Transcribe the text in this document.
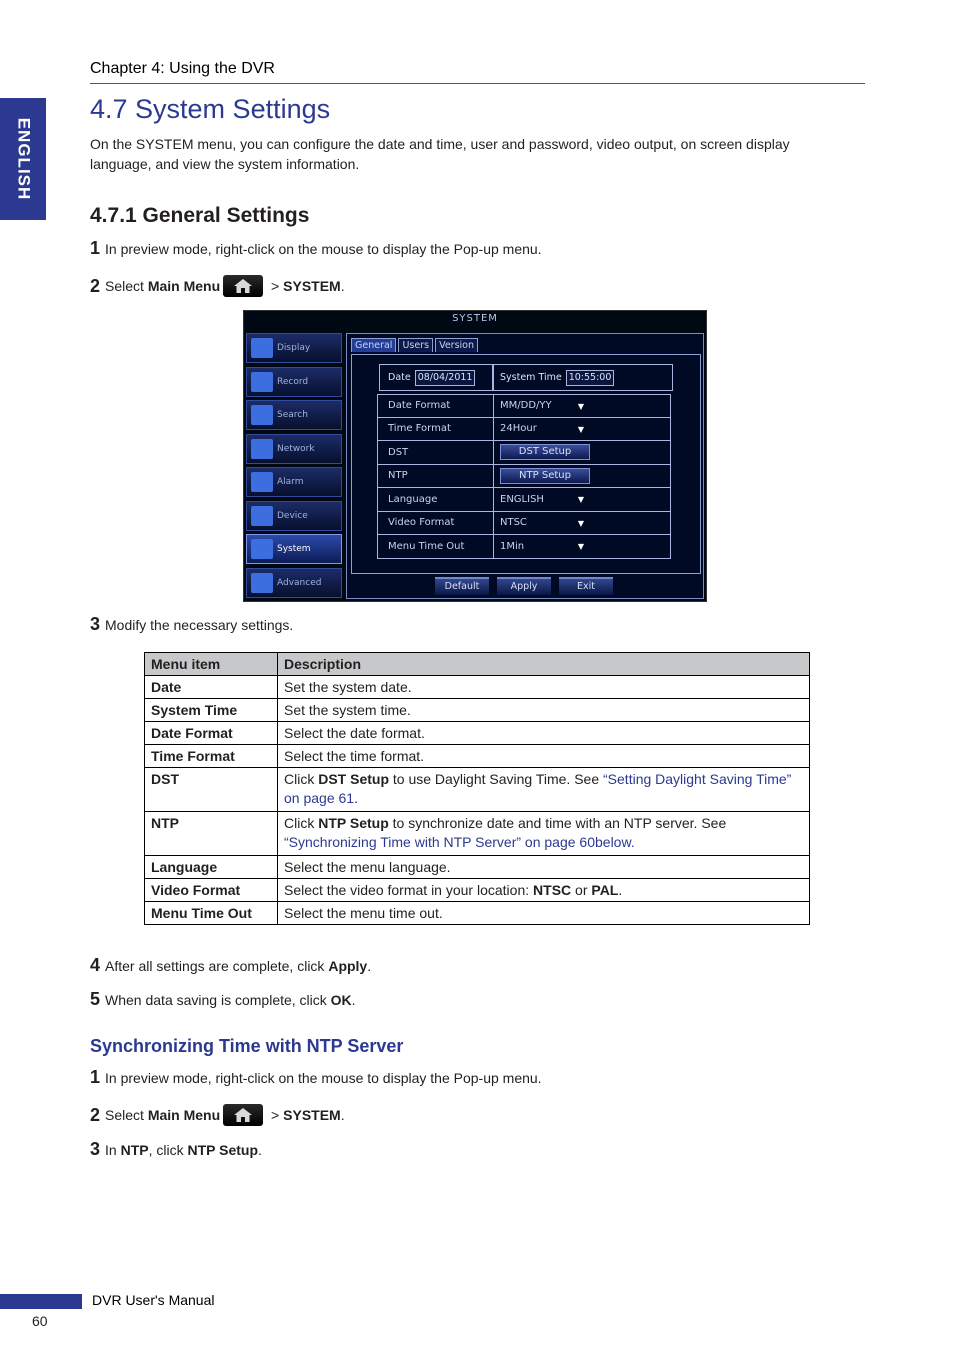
ENGLISH
Chapter 4: Using the DVR
4.7 System Settings

On the SYSTEM menu, you can configure the date and time, user and password, video output, on screen display language, and view the system information.

4.7.1 General Settings
1 In preview mode, right-click on the mouse to display the Pop-up menu.
2 Select Main Menu	> SYSTEM .
SYSTEM
Display
Record
Search
Network
Alarm
Device
System
Advanced
General	Users	Version
Date 08/04/2011	System Time 10:55:00
Date Format	MM/DD/YY	▼
Time Format	24Hour	▼
DST	DST Setup
NTP	NTP Setup
Language	ENGLISH	▼
Video Format	NTSC	▼
Menu Time Out	1Min	▼
Default	Apply	Exit
3 Modify the necessary settings.
Menu item	Description
Date	Set the system date.
System Time	Set the system time.
Date Format	Select the date format.
Time Format	Select the time format.
DST	Click DST Setup to use Daylight Saving Time. See “Setting Daylight Saving Time” on page 61.
NTP	Click NTP Setup to synchronize date and time with an NTP server. See “Synchronizing Time with NTP Server” on page 60below.
Language	Select the menu language.
Video Format	Select the video format in your location: NTSC or PAL.
Menu Time Out	Select the menu time out.
4 After all settings are complete, click Apply .
5 When data saving is complete, click OK .
Synchronizing Time with NTP Server
1 In preview mode, right-click on the mouse to display the Pop-up menu.
2 Select Main Menu	> SYSTEM .
3 In NTP , click NTP Setup .
DVR User's Manual
60
